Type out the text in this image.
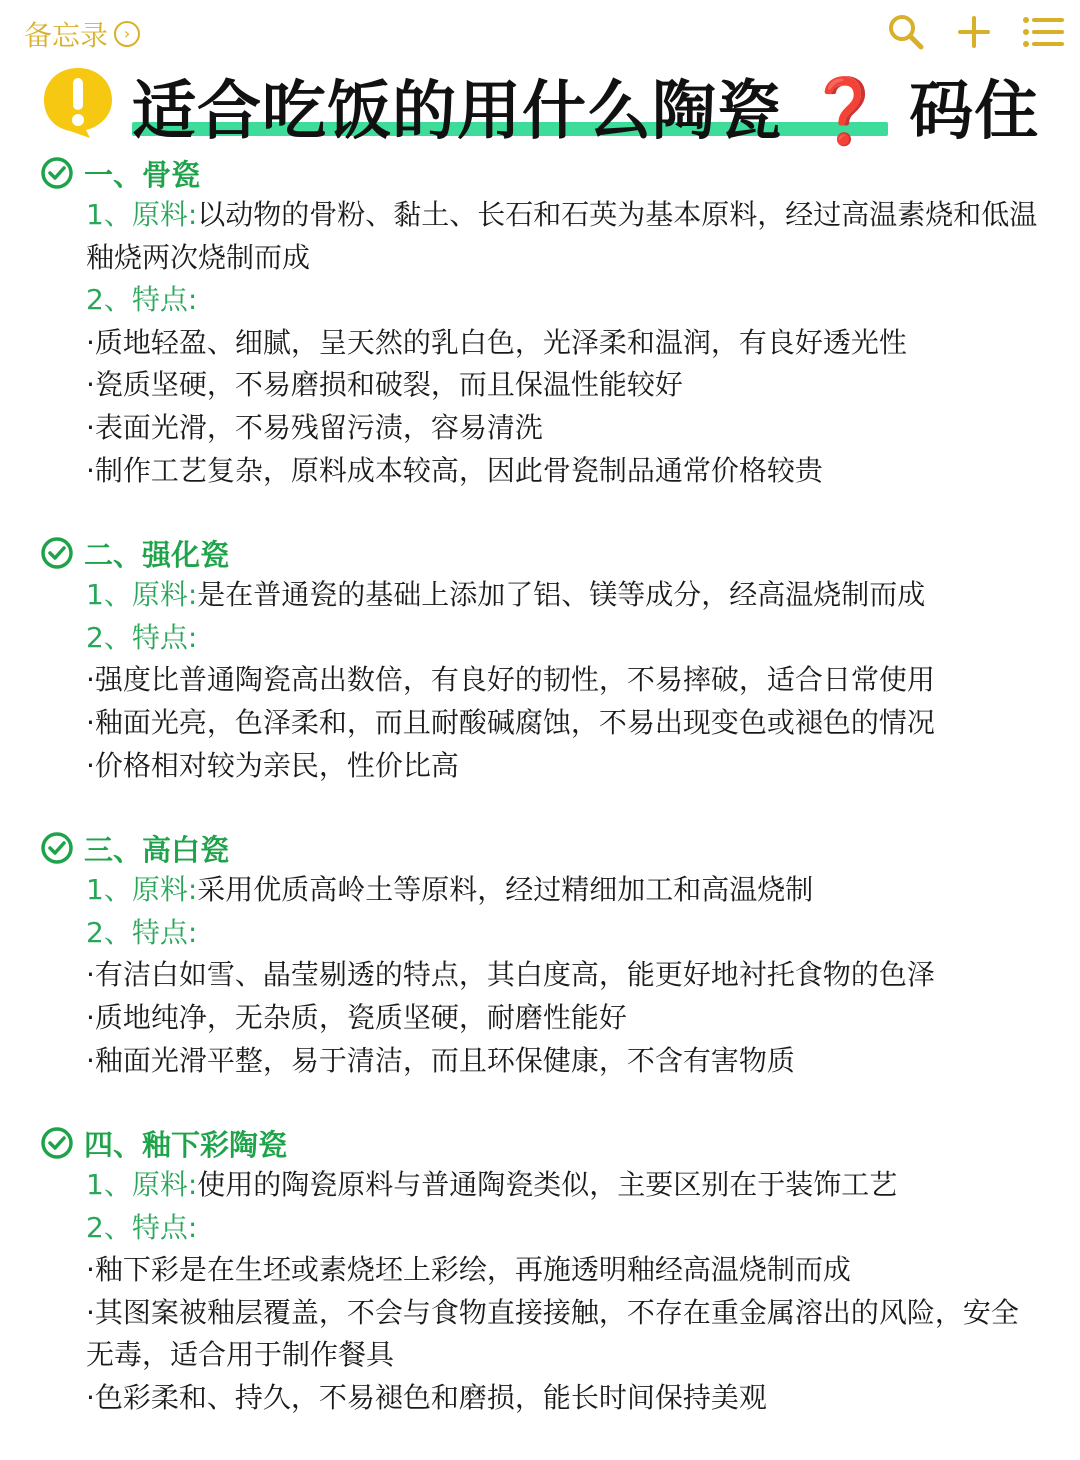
备忘录 ›
适合吃饭的用什么陶瓷 ❓ 码住
一、骨瓷
1、原料:以动物的骨粉、黏土、长石和石英为基本原料，经过高温素烧和低温釉烧两次烧制而成
2、特点:
·质地轻盈、细腻，呈天然的乳白色，光泽柔和温润，有良好透光性
·瓷质坚硬，不易磨损和破裂，而且保温性能较好
·表面光滑，不易残留污渍，容易清洗
·制作工艺复杂，原料成本较高，因此骨瓷制品通常价格较贵
二、强化瓷
1、原料:是在普通瓷的基础上添加了铝、镁等成分，经高温烧制而成
2、特点:
·强度比普通陶瓷高出数倍，有良好的韧性，不易摔破，适合日常使用
·釉面光亮，色泽柔和，而且耐酸碱腐蚀，不易出现变色或褪色的情况
·价格相对较为亲民，性价比高
三、高白瓷
1、原料:采用优质高岭土等原料，经过精细加工和高温烧制
2、特点:
·有洁白如雪、晶莹剔透的特点，其白度高，能更好地衬托食物的色泽
·质地纯净，无杂质，瓷质坚硬，耐磨性能好
·釉面光滑平整，易于清洁，而且环保健康，不含有害物质
四、釉下彩陶瓷
1、原料:使用的陶瓷原料与普通陶瓷类似，主要区别在于装饰工艺
2、特点:
·釉下彩是在生坯或素烧坯上彩绘，再施透明釉经高温烧制而成
·其图案被釉层覆盖，不会与食物直接接触，不存在重金属溶出的风险，安全无毒，适合用于制作餐具
·色彩柔和、持久，不易褪色和磨损，能长时间保持美观
